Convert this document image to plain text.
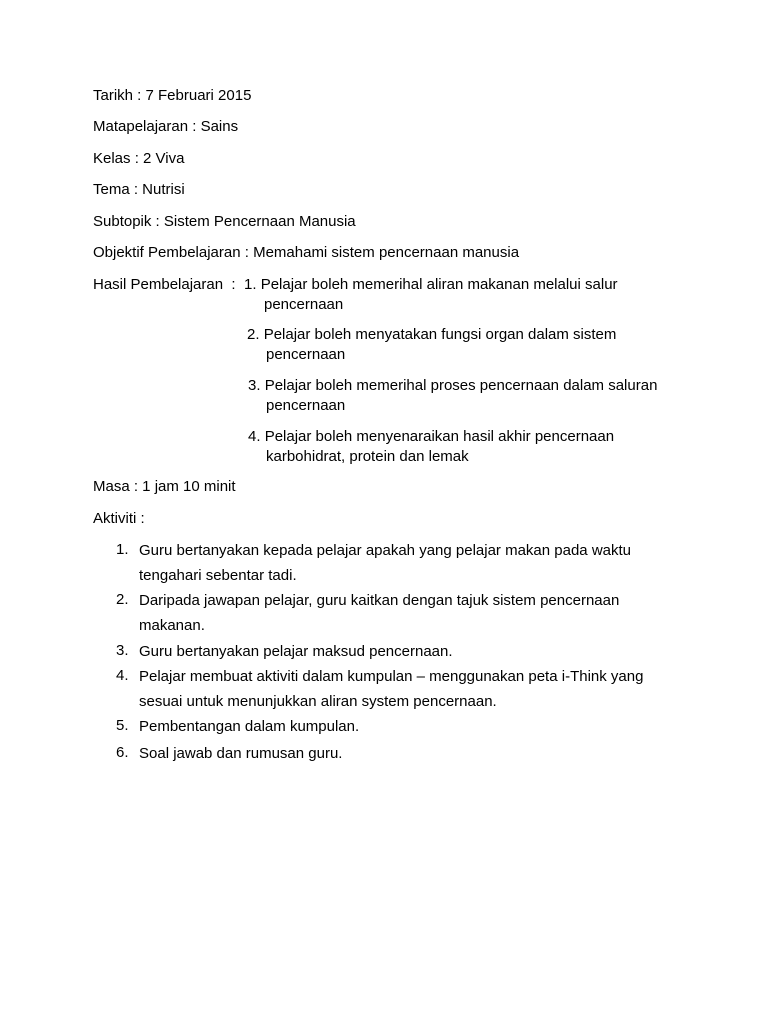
Tarikh : 7 Februari 2015
Matapelajaran : Sains
Kelas : 2 Viva
Tema : Nutrisi
Subtopik : Sistem Pencernaan Manusia
Objektif Pembelajaran : Memahami sistem pencernaan manusia
Hasil Pembelajaran  : 1. Pelajar boleh memerihal aliran makanan melalui salur
pencernaan
2. Pelajar boleh menyatakan fungsi organ dalam sistem
pencernaan
3. Pelajar boleh memerihal proses pencernaan dalam saluran
pencernaan
4. Pelajar boleh menyenaraikan hasil akhir pencernaan
karbohidrat, protein dan lemak
Masa : 1 jam 10 minit
Aktiviti :
1. Guru bertanyakan kepada pelajar apakah yang pelajar makan pada waktu
tengahari sebentar tadi.
2. Daripada jawapan pelajar, guru kaitkan dengan tajuk sistem pencernaan
makanan.
3. Guru bertanyakan pelajar maksud pencernaan.
4. Pelajar membuat aktiviti dalam kumpulan – menggunakan peta i-Think yang
sesuai untuk menunjukkan aliran system pencernaan.
5. Pembentangan dalam kumpulan.
6. Soal jawab dan rumusan guru.
